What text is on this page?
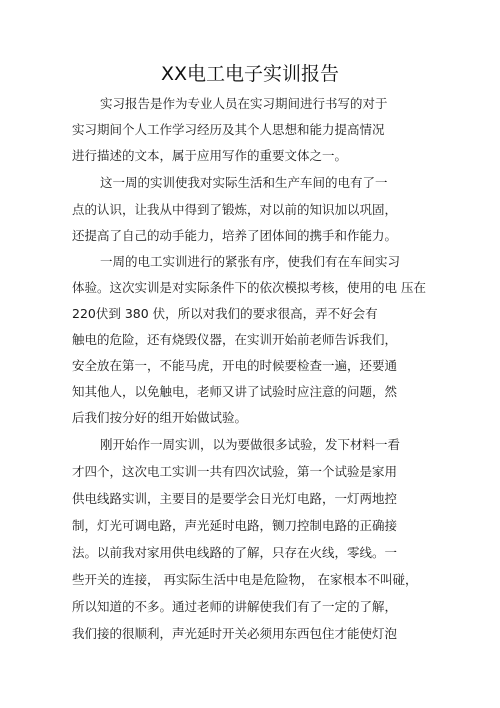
XX电工电子实训报告
实习报告是作为专业人员在实习期间进行书写的对于
实习期间个人工作学习经历及其个人思想和能力提高情况
进行描述的文本，属于应用写作的重要文体之一。
这一周的实训使我对实际生活和生产车间的电有了一
点的认识，让我从中得到了锻炼，对以前的知识加以巩固，
还提高了自己的动手能力，培养了团体间的携手和作能力。
一周的电工实训进行的紧张有序，使我们有在车间实习
体验。这次实训是对实际条件下的依次模拟考核，使用的电 压在
220伏到 380 伏，所以对我们的要求很高，弄不好会有
触电的危险，还有烧毁仪器，在实训开始前老师告诉我们，
安全放在第一，不能马虎，开电的时候要检查一遍，还要通
知其他人，以免触电，老师又讲了试验时应注意的问题，然
后我们按分好的组开始做试验。
刚开始作一周实训，以为要做很多试验，发下材料一看
才四个，这次电工实训一共有四次试验，第一个试验是家用
供电线路实训，主要目的是要学会日光灯电路，一灯两地控
制，灯光可调电路，声光延时电路，铡刀控制电路的正确接
法。以前我对家用供电线路的了解，只存在火线，零线。一
些开关的连接， 再实际生活中电是危险物， 在家根本不叫碰，
所以知道的不多。通过老师的讲解使我们有了一定的了解，
我们接的很顺利，声光延时开关必须用东西包住才能使灯泡
